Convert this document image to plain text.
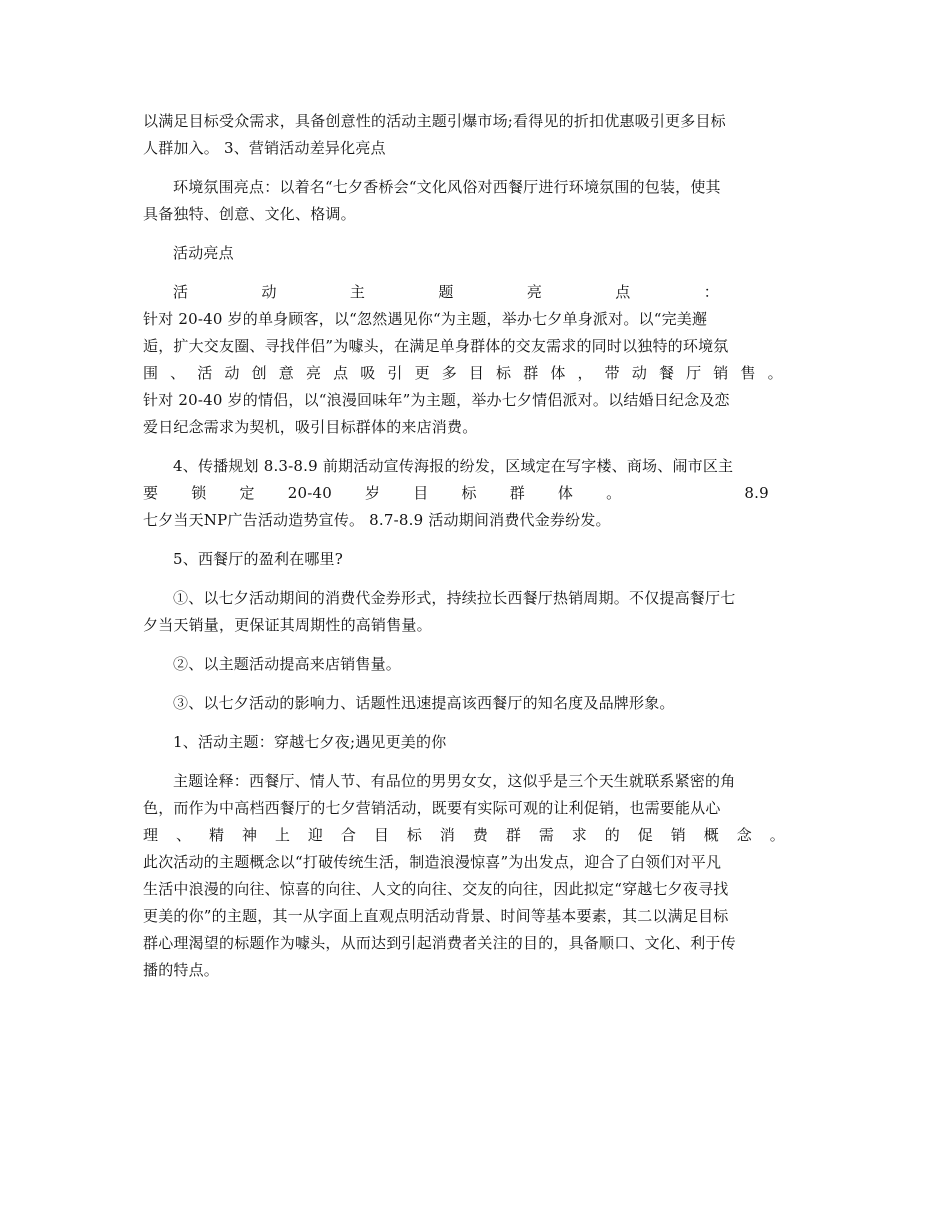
以满足目标受众需求，具备创意性的活动主题引爆市场;看得见的折扣优惠吸引更多目标
人群加入。 3、营销活动差异化亮点
环境氛围亮点：以着名“七夕香桥会“文化风俗对西餐厅进行环境氛围的包装，使其
具备独特、创意、文化、格调。
活动亮点
活	动	主	题	亮	点	：
针对 20-40 岁的单身顾客，以“忽然遇见你“为主题，举办七夕单身派对。以“完美邂
逅，扩大交友圈、寻找伴侣”为噱头，在满足单身群体的交友需求的同时以独特的环境氛
围 、 活 动 创 意 亮 点 吸 引 更 多 目 标 群 体 ， 带 动 餐 厅 销 售 。
针对 20-40 岁的情侣，以“浪漫回味年”为主题，举办七夕情侣派对。以结婚日纪念及恋
爱日纪念需求为契机，吸引目标群体的来店消费。
4、传播规划 8.3-8.9 前期活动宣传海报的纷发，区域定在写字楼、商场、闹市区主
要 锁 定 20-40 岁 目 标 群 体 。	8.9
七夕当天NP广告活动造势宣传。 8.7-8.9 活动期间消费代金券纷发。
5、西餐厅的盈利在哪里?
①、以七夕活动期间的消费代金券形式，持续拉长西餐厅热销周期。不仅提高餐厅七
夕当天销量，更保证其周期性的高销售量。
②、以主题活动提高来店销售量。
③、以七夕活动的影响力、话题性迅速提高该西餐厅的知名度及品牌形象。
1、活动主题：穿越七夕夜;遇见更美的你
主题诠释：西餐厅、情人节、有品位的男男女女，这似乎是三个天生就联系紧密的角
色，而作为中高档西餐厅的七夕营销活动，既要有实际可观的让利促销，也需要能从心
理 、 精 神 上 迎 合 目 标 消 费 群 需 求 的 促 销 概 念 。
此次活动的主题概念以“打破传统生活，制造浪漫惊喜”为出发点，迎合了白领们对平凡
生活中浪漫的向往、惊喜的向往、人文的向往、交友的向往，因此拟定“穿越七夕夜寻找
更美的你”的主题，其一从字面上直观点明活动背景、时间等基本要素，其二以满足目标
群心理渴望的标题作为噱头，从而达到引起消费者关注的目的，具备顺口、文化、利于传
播的特点。
